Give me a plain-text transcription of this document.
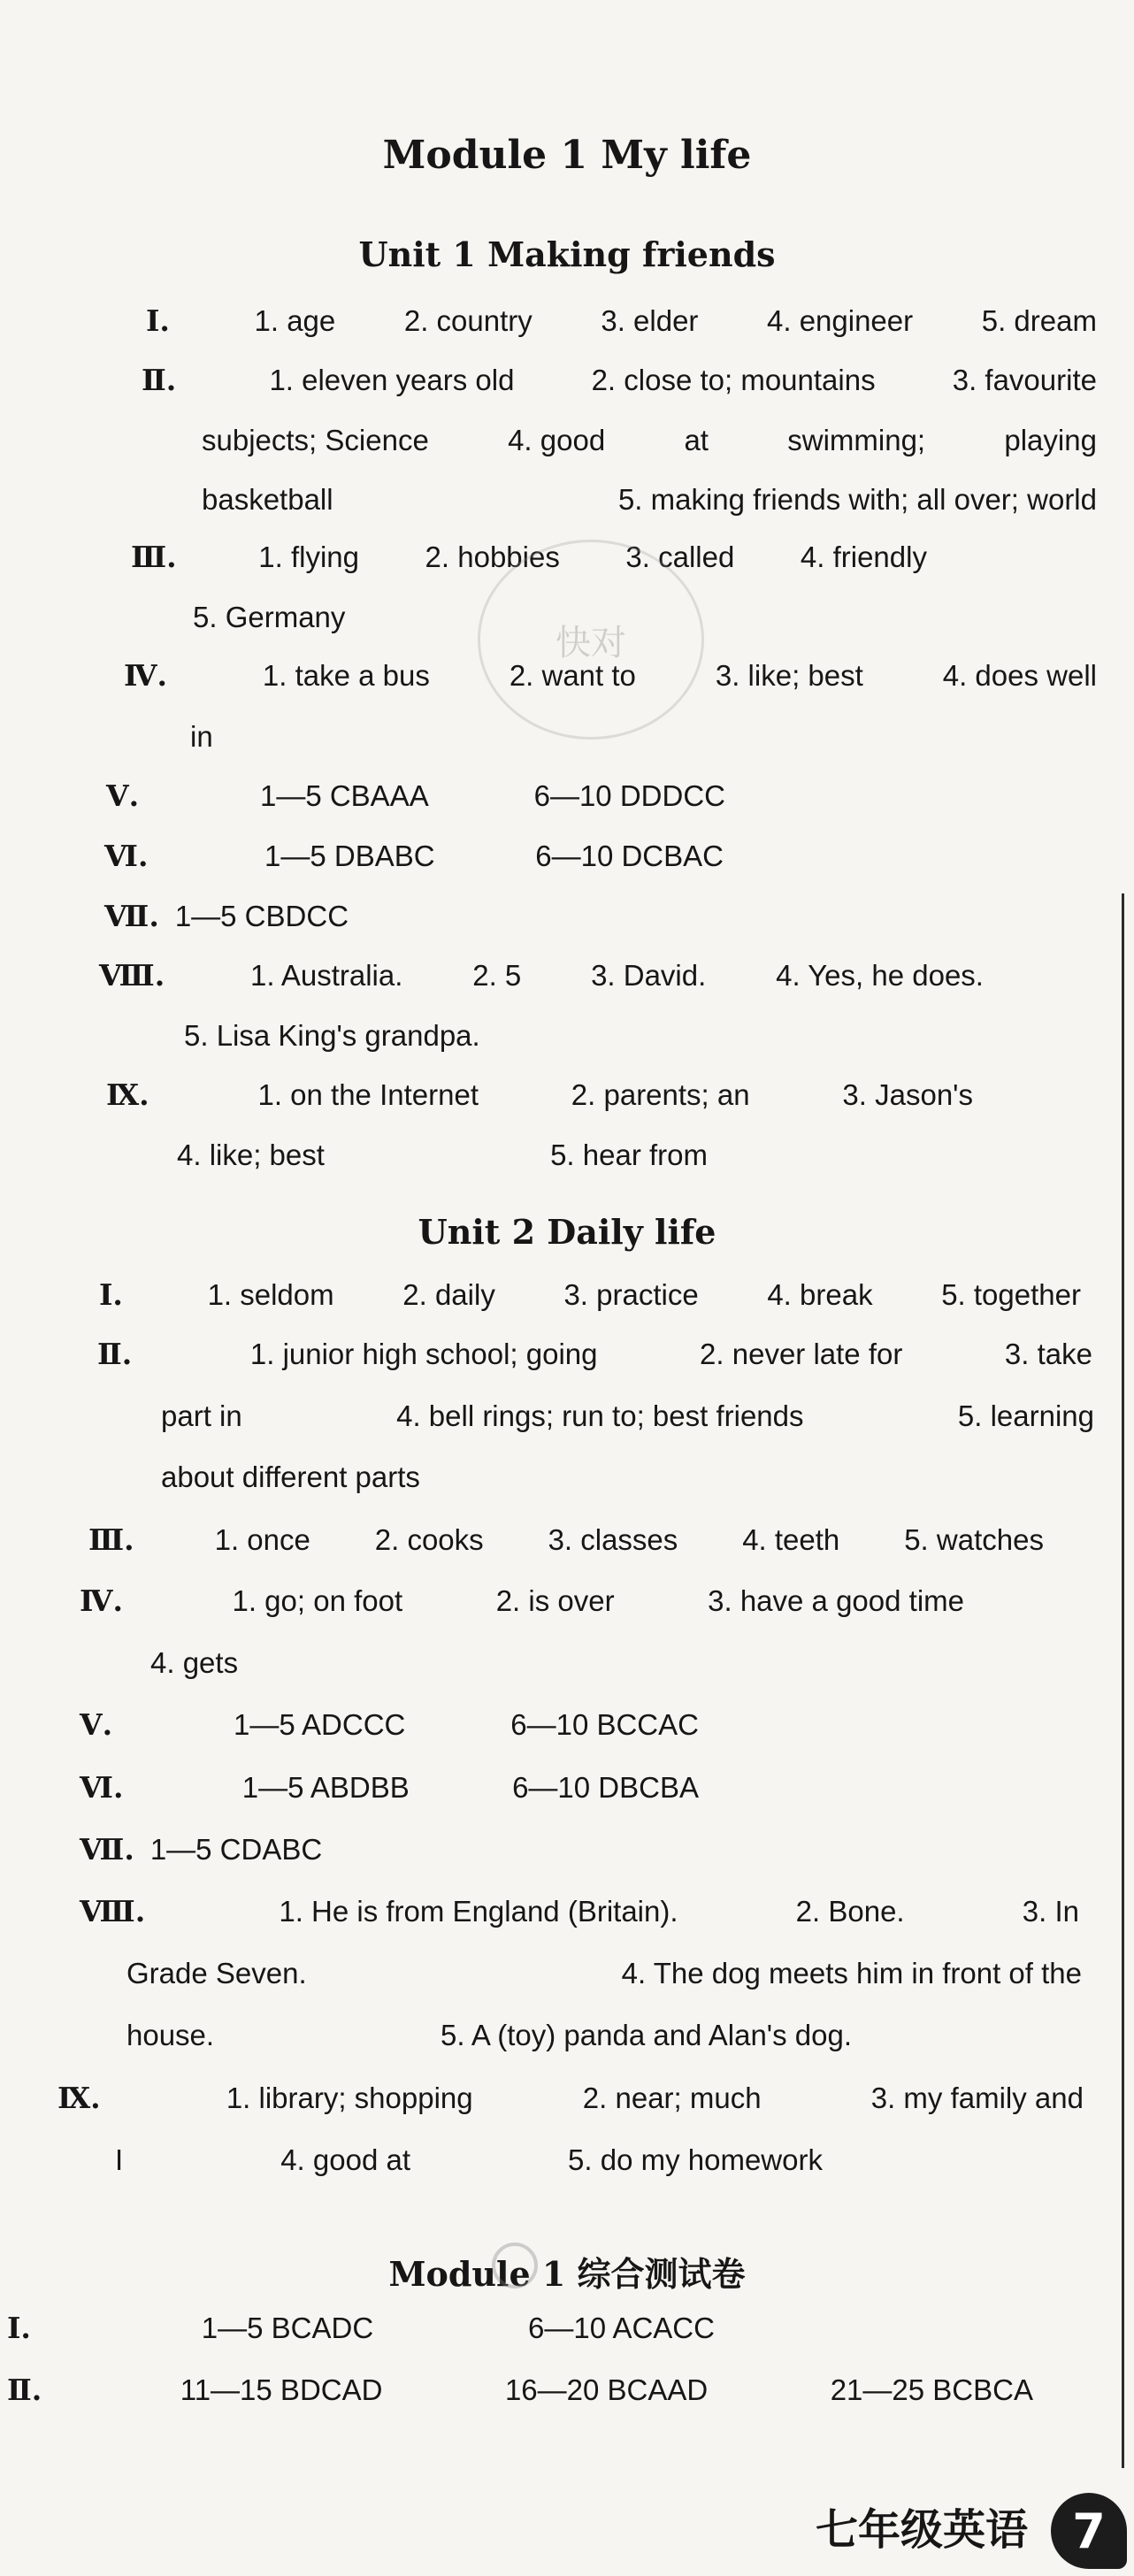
Module 1 My life
Unit 1 Making friends
Ⅰ.	1. age 2. country 3. elder 4. engineer 5. dream
Ⅱ.	1. eleven years old	2. close to; mountains	3. favourite
subjects; Science	4. good	at	swimming;	playing
basketball	5. making friends with; all over; world
Ⅲ.	1. flying 2. hobbies 3. called 4. friendly
5. Germany
Ⅳ.	1. take a bus	2. want to	3. like; best	4. does well
in
Ⅴ.	1—5 CBAAA	6—10 DDDCC
Ⅵ.	1—5 DBABC	6—10 DCBAC
Ⅶ. 1—5 CBDCC
Ⅷ.	1. Australia. 2. 5 3. David. 4. Yes, he does.
5. Lisa King's grandpa.
Ⅸ.	1. on the Internet	2. parents; an	3. Jason's
4. like; best	5. hear from
Unit 2 Daily life
Ⅰ.	1. seldom 2. daily 3. practice 4. break 5. together
Ⅱ.	1. junior high school; going	2. never late for	3. take
part in	4. bell rings; run to; best friends	5. learning
about different parts
Ⅲ.	1. once 2. cooks 3. classes 4. teeth 5. watches
Ⅳ.	1. go; on foot	2. is over	3. have a good time
4. gets
Ⅴ.	1—5 ADCCC	6—10 BCCAC
Ⅵ.	1—5 ABDBB	6—10 DBCBA
Ⅶ. 1—5 CDABC
Ⅷ.	1. He is from England (Britain).	2. Bone.	3. In
Grade Seven.	4. The dog meets him in front of the
house.	5. A (toy) panda and Alan's dog.
Ⅸ.	1. library; shopping	2. near; much	3. my family and
I	4. good at	5. do my homework
Module 1 综合测试卷
Ⅰ.	1—5 BCADC	6—10 ACACC
Ⅱ.	11—15 BDCAD	16—20 BCAAD	21—25 BCBCA
快对
七年级英语 7
